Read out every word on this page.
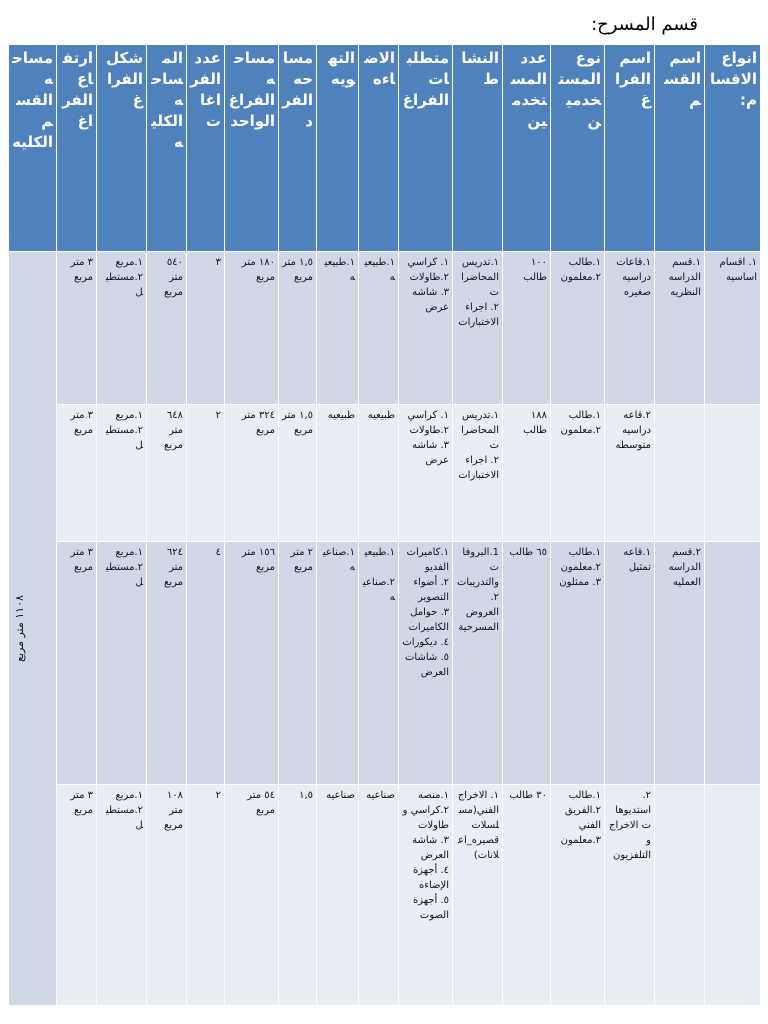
قسم المسرح:
انواع الاقسام:	اسم القسم	اسم الفراغ	نوع المستخدمين	عدد المستخدمين	النشاط	متطلبات الفراغ	الاضاءه	التهويه	مساحه الفرد	مساحه الفراغ الواحد	عدد الفراغات	المساحه الكليه	شكل الفراغ	ارتفاع الفراغ	مساحه القسم الكليه
١. اقسام اساسيه	١.قسم الدراسه النظريه	١.قاعات دراسيه صغيره	١.طالب
٢.معلمون	١٠٠ طالب	١.تدريس المحاضرات
٢. اجراء الاختبارات	١. كراسي
٢.طاولات
٣. شاشه عرض	١.طبيعيه	١.طبيعيه	١,٥ متر مربع	١٨٠ متر مربع	٣	٥٤٠ متر مربع	١.مربع
٢.مستطيل	٣ متر مربع	١١٠٨ متر مربع
		٢.قاعه دراسيه متوسطه	١.طالب
٢.معلمون	١٨٨ طالب	١.تدريس المحاضرات
٢. اجراء الاختبارات	١. كراسي
٢.طاولات
٣. شاشه عرض	طبيعيه	طبيعيه	١,٥ متر مربع	٣٢٤ متر مربع	٢	٦٤٨ متر مربع	١.مربع
٢.مستطيل	٣ متر مربع	
	٢.قسم الدراسه العمليه	١.قاعه تمثيل	١.طالب
٢.معلمون
٣. ممثلون	٦٥ طالب	1.البروفات والتدريبات
٢. العروض المسرحية	١.كاميرات الفديو
٢. أضواء التصوير
٣. حوامل الكاميرات
٤. ديكورات
٥. شاشات العرض	١.طبيعيه ٢.صناعيه	١.صناعيه	٢ متر مربع	١٥٦ متر مربع	٤	٦٢٤ متر مربع	١.مربع
٢.مستطيل	٣ متر مربع	
		٢. استديوهات الاخراج و التلفزيون	١.طالب
٢.الفريق الفني
٣.معلمون	٣٠ طالب	١. الاخراج الفني(مسلسلات قصيره_اعلانات)	١.منصه
٢.كراسي و طاولات
٣. شاشة العرض
٤. أجهزة الإضاءه
٥. أجهزة الصوت	صناعيه	صناعيه	١,٥	٥٤ متر مربع	٢	١٠٨ متر مربع	١.مربع
٢.مستطيل	٣ متر مربع	
